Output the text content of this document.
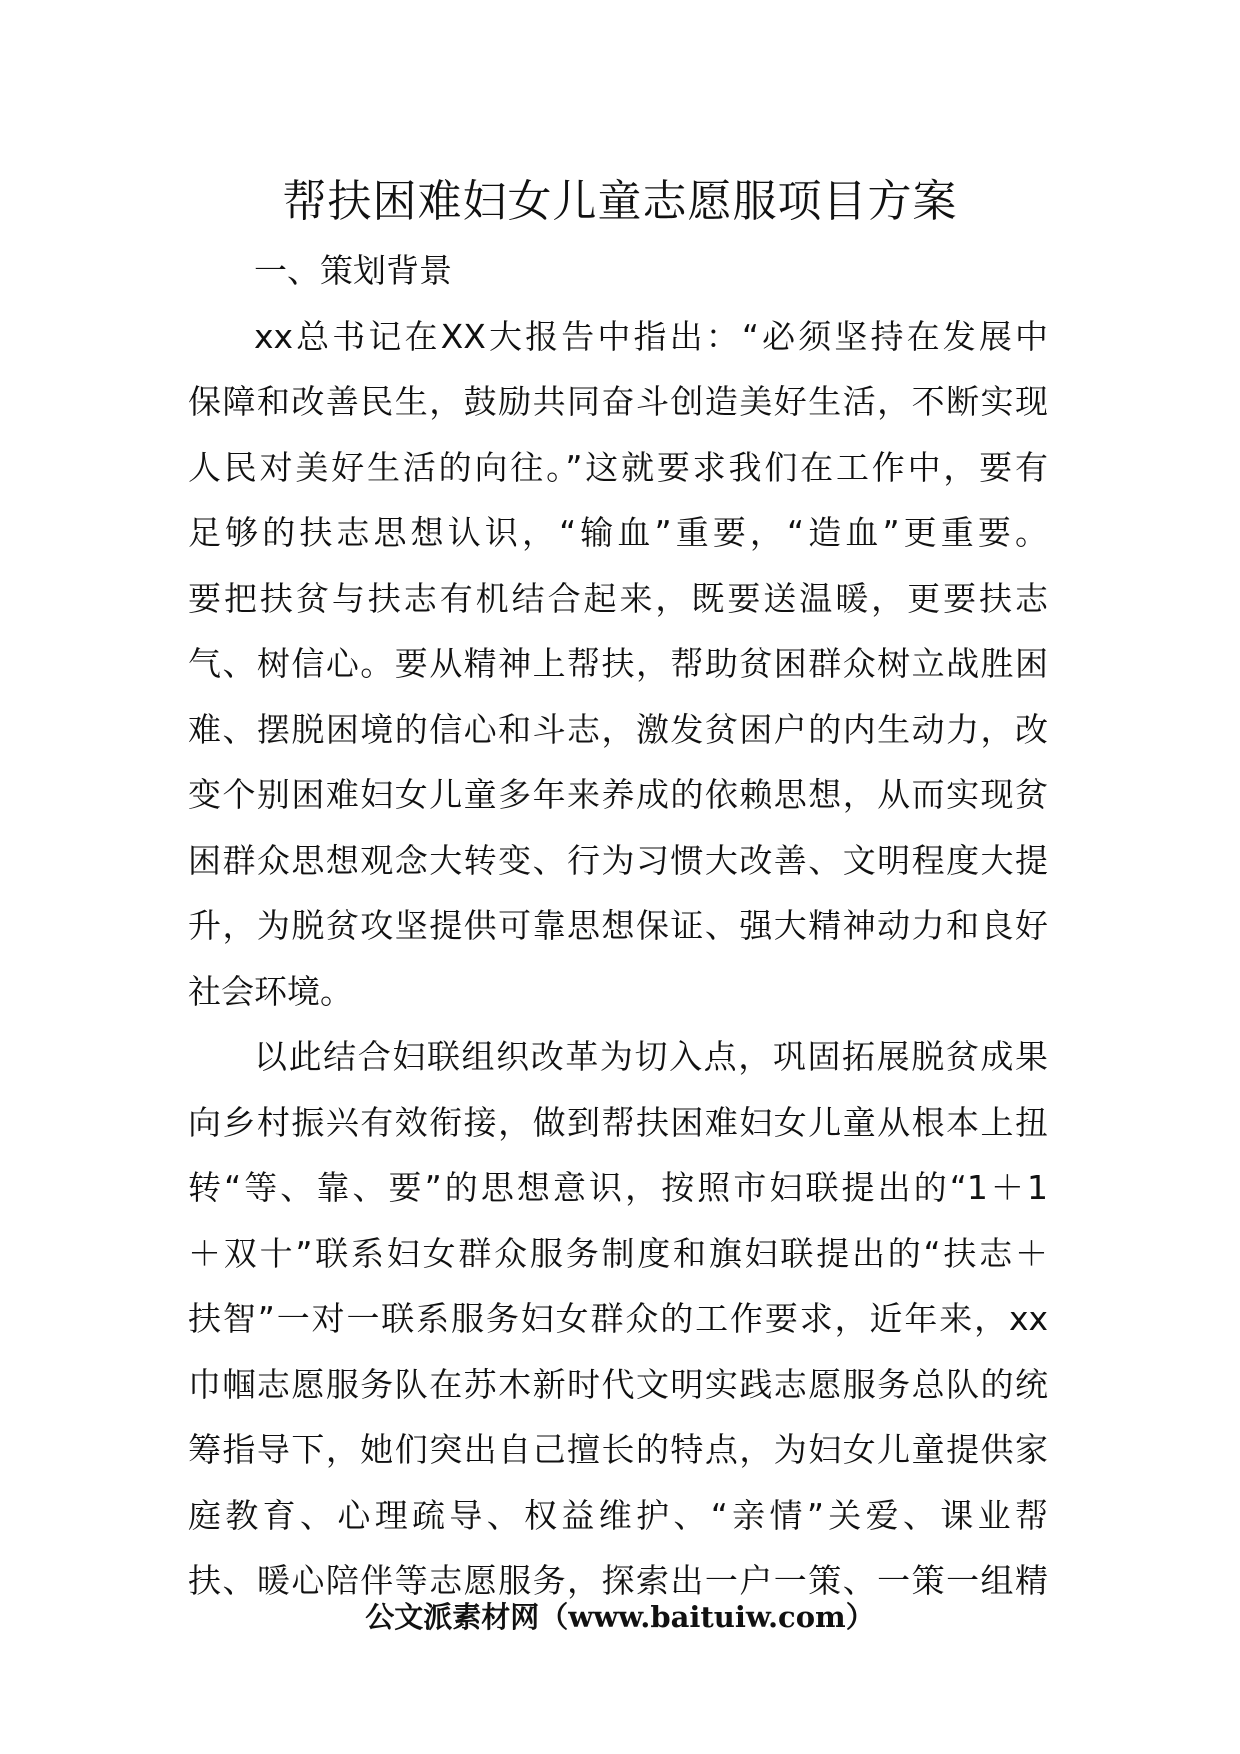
帮扶困难妇女儿童志愿服项目方案
一、策划背景
xx总书记在XX大报告中指出：“必须坚持在发展中
保障和改善民生，鼓励共同奋斗创造美好生活，不断实现
人民对美好生活的向往。”这就要求我们在工作中，要有
足够的扶志思想认识，“输血”重要，“造血”更重要。
要把扶贫与扶志有机结合起来，既要送温暖，更要扶志
气、树信心。要从精神上帮扶，帮助贫困群众树立战胜困
难、摆脱困境的信心和斗志，激发贫困户的内生动力，改
变个别困难妇女儿童多年来养成的依赖思想，从而实现贫
困群众思想观念大转变、行为习惯大改善、文明程度大提
升，为脱贫攻坚提供可靠思想保证、强大精神动力和良好
社会环境。
以此结合妇联组织改革为切入点，巩固拓展脱贫成果
向乡村振兴有效衔接，做到帮扶困难妇女儿童从根本上扭
转“等、靠、要”的思想意识，按照市妇联提出的“1＋1
＋双十”联系妇女群众服务制度和旗妇联提出的“扶志＋
扶智”一对一联系服务妇女群众的工作要求，近年来，xx
巾帼志愿服务队在苏木新时代文明实践志愿服务总队的统
筹指导下，她们突出自己擅长的特点，为妇女儿童提供家
庭教育、心理疏导、权益维护、“亲情”关爱、课业帮
扶、暖心陪伴等志愿服务，探索出一户一策、一策一组精
公文派素材网（www.baituiw.com）
